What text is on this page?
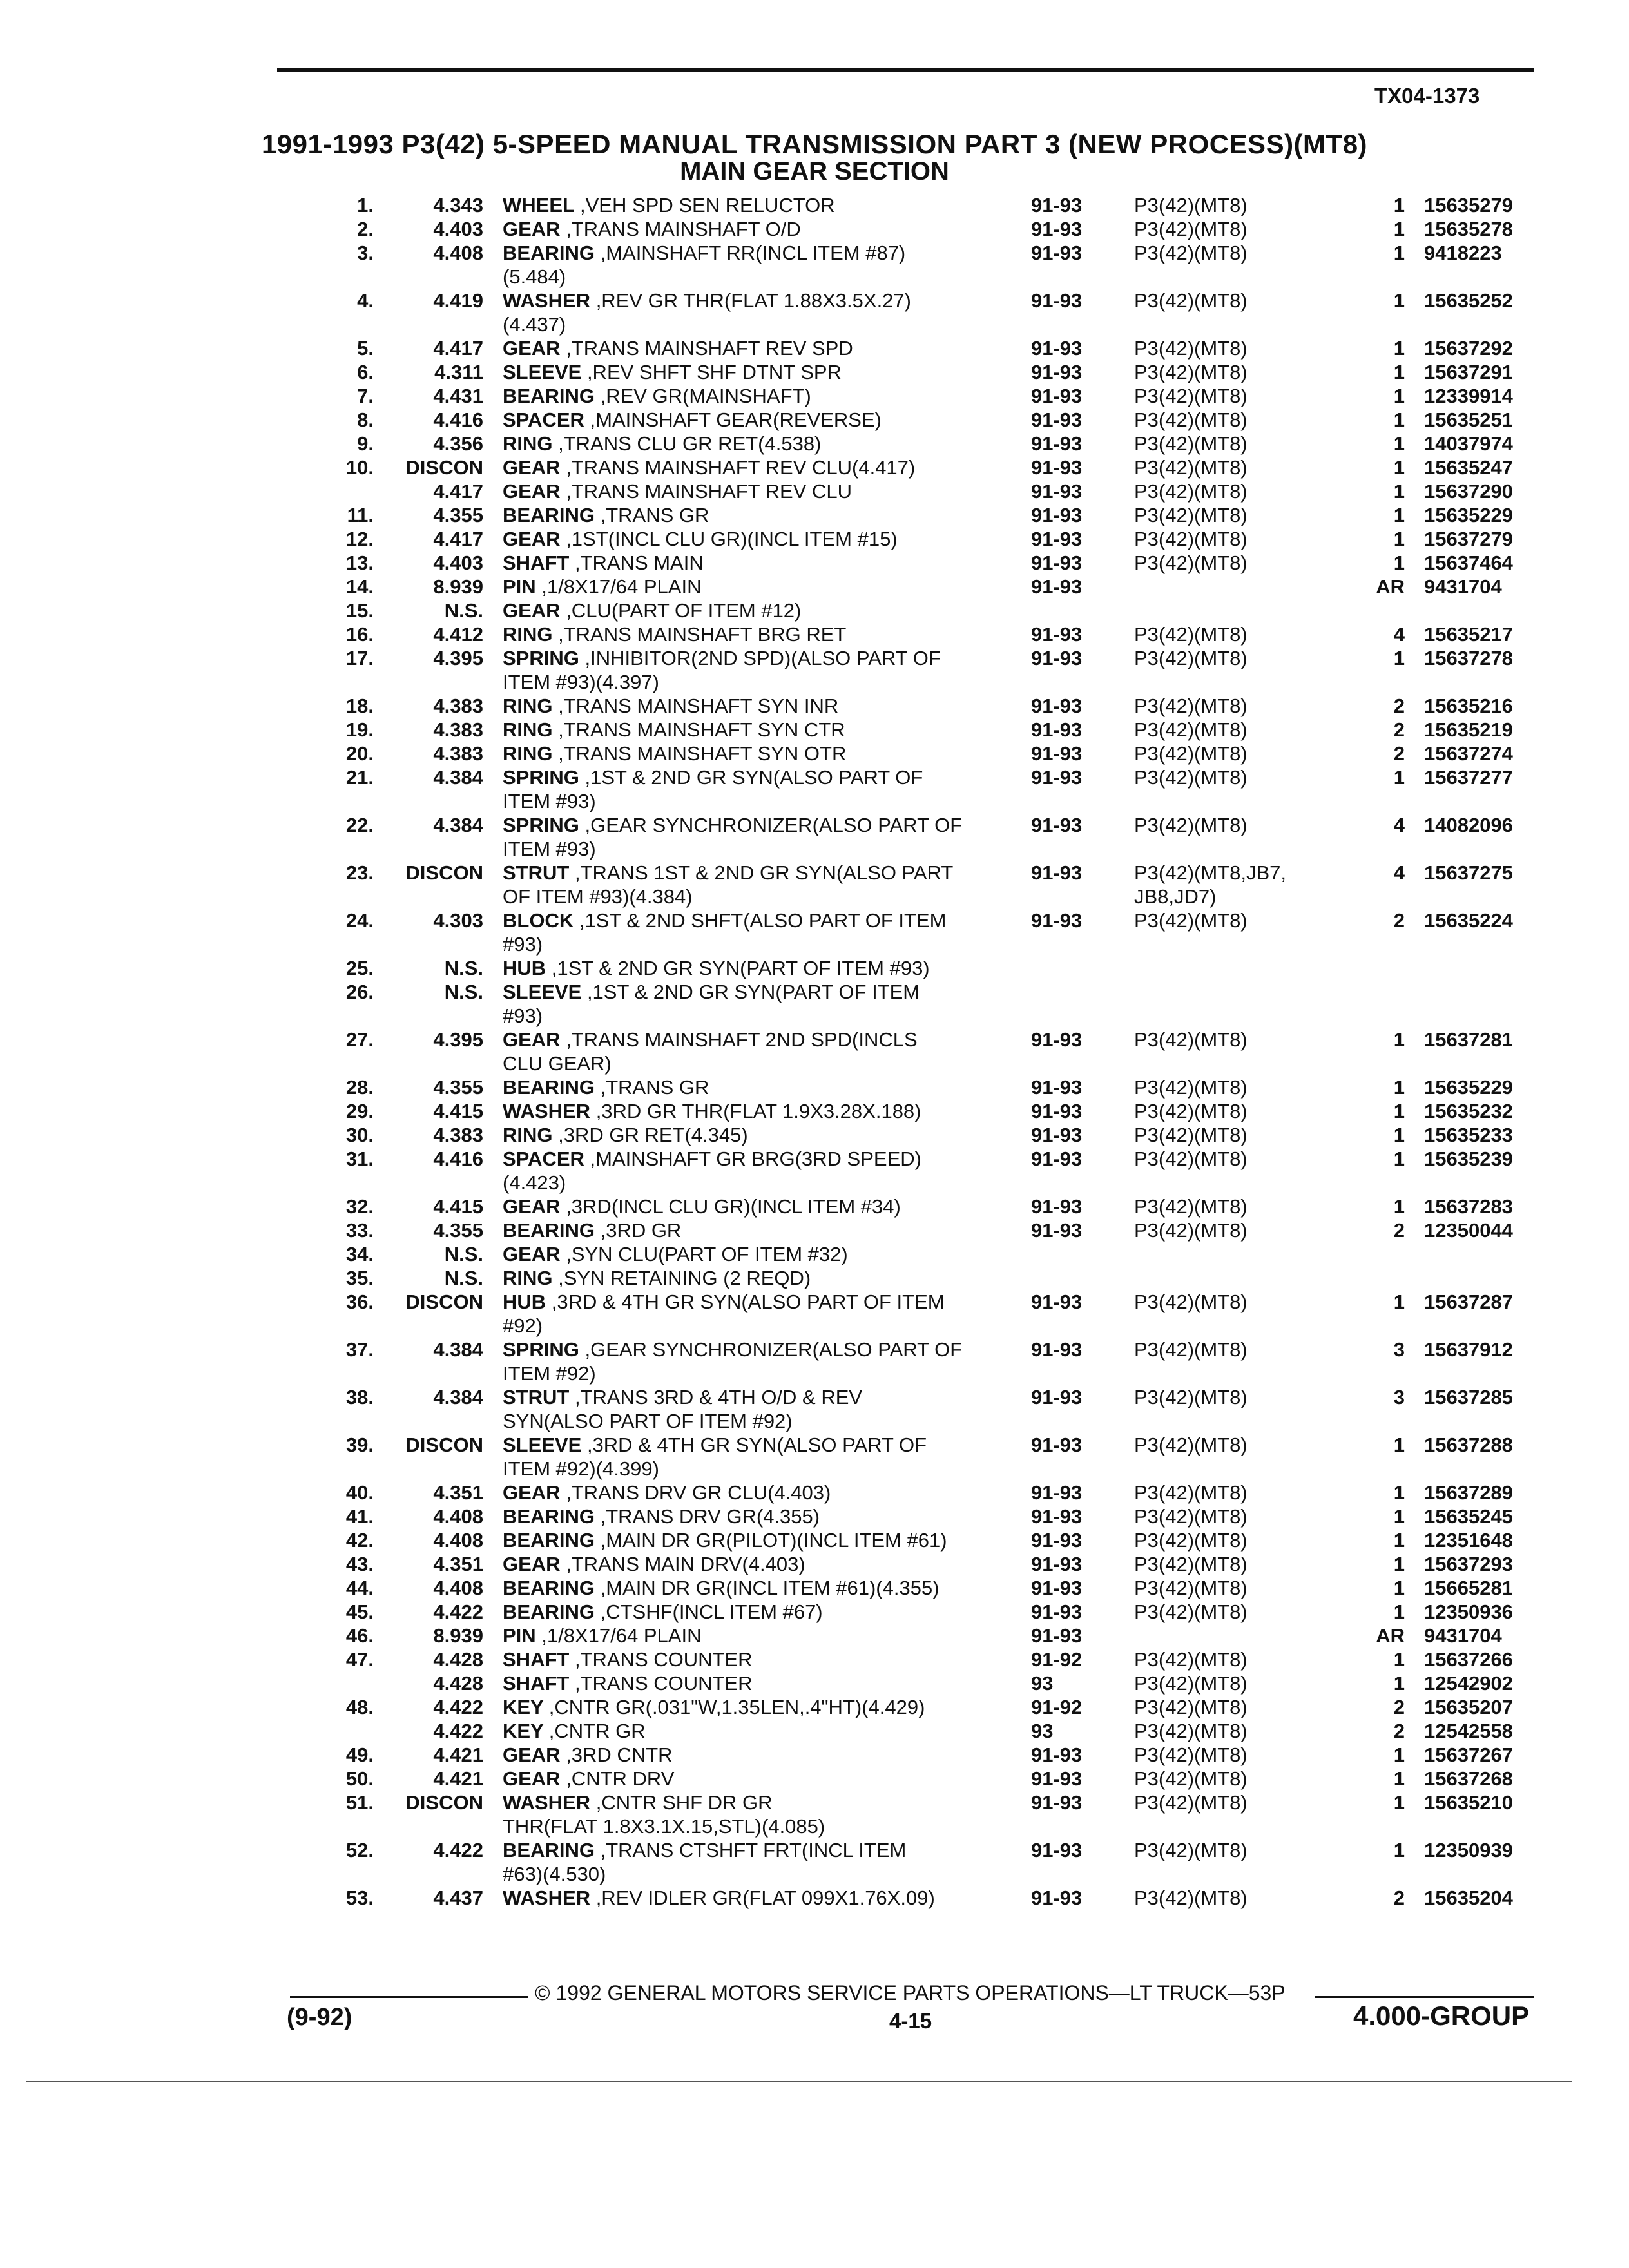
TX04-1373
1991-1993 P3(42) 5-SPEED MANUAL TRANSMISSION PART 3 (NEW PROCESS)(MT8)
MAIN GEAR SECTION
1.	4.343 WHEEL ,VEH SPD SEN RELUCTOR	91-93	P3(42)(MT8)	1 15635279
2.	4.403 GEAR ,TRANS MAINSHAFT O/D	91-93	P3(42)(MT8)	1 15635278
3.	4.408 BEARING ,MAINSHAFT RR(INCL ITEM #87)	91-93	P3(42)(MT8)	1 9418223
(5.484)
4.	4.419 WASHER ,REV GR THR(FLAT 1.88X3.5X.27)	91-93	P3(42)(MT8)	1 15635252
(4.437)
5.	4.417 GEAR ,TRANS MAINSHAFT REV SPD	91-93	P3(42)(MT8)	1 15637292
6.	4.311 SLEEVE ,REV SHFT SHF DTNT SPR	91-93	P3(42)(MT8)	1 15637291
7.	4.431 BEARING ,REV GR(MAINSHAFT)	91-93	P3(42)(MT8)	1 12339914
8.	4.416 SPACER ,MAINSHAFT GEAR(REVERSE)	91-93	P3(42)(MT8)	1 15635251
9.	4.356 RING ,TRANS CLU GR RET(4.538)	91-93	P3(42)(MT8)	1 14037974
10.	DISCON GEAR ,TRANS MAINSHAFT REV CLU(4.417)	91-93	P3(42)(MT8)	1 15635247
4.417 GEAR ,TRANS MAINSHAFT REV CLU	91-93	P3(42)(MT8)	1 15637290
11.	4.355 BEARING ,TRANS GR	91-93	P3(42)(MT8)	1 15635229
12.	4.417 GEAR ,1ST(INCL CLU GR)(INCL ITEM #15)	91-93	P3(42)(MT8)	1 15637279
13.	4.403 SHAFT ,TRANS MAIN	91-93	P3(42)(MT8)	1 15637464
14.	8.939 PIN ,1/8X17/64 PLAIN	91-93	AR 9431704
15.	N.S. GEAR ,CLU(PART OF ITEM #12)
16.	4.412 RING ,TRANS MAINSHAFT BRG RET	91-93	P3(42)(MT8)	4 15635217
17.	4.395 SPRING ,INHIBITOR(2ND SPD)(ALSO PART OF	91-93	P3(42)(MT8)	1 15637278
ITEM #93)(4.397)
18.	4.383 RING ,TRANS MAINSHAFT SYN INR	91-93	P3(42)(MT8)	2 15635216
19.	4.383 RING ,TRANS MAINSHAFT SYN CTR	91-93	P3(42)(MT8)	2 15635219
20.	4.383 RING ,TRANS MAINSHAFT SYN OTR	91-93	P3(42)(MT8)	2 15637274
21.	4.384 SPRING ,1ST & 2ND GR SYN(ALSO PART OF	91-93	P3(42)(MT8)	1 15637277
ITEM #93)
22.	4.384 SPRING ,GEAR SYNCHRONIZER(ALSO PART OF	91-93	P3(42)(MT8)	4 14082096
ITEM #93)
23.	DISCON STRUT ,TRANS 1ST & 2ND GR SYN(ALSO PART	91-93	P3(42)(MT8,JB7,	4 15637275
OF ITEM #93)(4.384)	JB8,JD7)
24.	4.303 BLOCK ,1ST & 2ND SHFT(ALSO PART OF ITEM	91-93	P3(42)(MT8)	2 15635224
#93)
25.	N.S. HUB ,1ST & 2ND GR SYN(PART OF ITEM #93)
26.	N.S. SLEEVE ,1ST & 2ND GR SYN(PART OF ITEM
#93)
27.	4.395 GEAR ,TRANS MAINSHAFT 2ND SPD(INCLS	91-93	P3(42)(MT8)	1 15637281
CLU GEAR)
28.	4.355 BEARING ,TRANS GR	91-93	P3(42)(MT8)	1 15635229
29.	4.415 WASHER ,3RD GR THR(FLAT 1.9X3.28X.188)	91-93	P3(42)(MT8)	1 15635232
30.	4.383 RING ,3RD GR RET(4.345)	91-93	P3(42)(MT8)	1 15635233
31.	4.416 SPACER ,MAINSHAFT GR BRG(3RD SPEED)	91-93	P3(42)(MT8)	1 15635239
(4.423)
32.	4.415 GEAR ,3RD(INCL CLU GR)(INCL ITEM #34)	91-93	P3(42)(MT8)	1 15637283
33.	4.355 BEARING ,3RD GR	91-93	P3(42)(MT8)	2 12350044
34.	N.S. GEAR ,SYN CLU(PART OF ITEM #32)
35.	N.S. RING ,SYN RETAINING (2 REQD)
36.	DISCON HUB ,3RD & 4TH GR SYN(ALSO PART OF ITEM	91-93	P3(42)(MT8)	1 15637287
#92)
37.	4.384 SPRING ,GEAR SYNCHRONIZER(ALSO PART OF	91-93	P3(42)(MT8)	3 15637912
ITEM #92)
38.	4.384 STRUT ,TRANS 3RD & 4TH O/D & REV	91-93	P3(42)(MT8)	3 15637285
SYN(ALSO PART OF ITEM #92)
39.	DISCON SLEEVE ,3RD & 4TH GR SYN(ALSO PART OF	91-93	P3(42)(MT8)	1 15637288
ITEM #92)(4.399)
40.	4.351 GEAR ,TRANS DRV GR CLU(4.403)	91-93	P3(42)(MT8)	1 15637289
41.	4.408 BEARING ,TRANS DRV GR(4.355)	91-93	P3(42)(MT8)	1 15635245
42.	4.408 BEARING ,MAIN DR GR(PILOT)(INCL ITEM #61)	91-93	P3(42)(MT8)	1 12351648
43.	4.351 GEAR ,TRANS MAIN DRV(4.403)	91-93	P3(42)(MT8)	1 15637293
44.	4.408 BEARING ,MAIN DR GR(INCL ITEM #61)(4.355)	91-93	P3(42)(MT8)	1 15665281
45.	4.422 BEARING ,CTSHF(INCL ITEM #67)	91-93	P3(42)(MT8)	1 12350936
46.	8.939 PIN ,1/8X17/64 PLAIN	91-93	AR 9431704
47.	4.428 SHAFT ,TRANS COUNTER	91-92	P3(42)(MT8)	1 15637266
4.428 SHAFT ,TRANS COUNTER	93	P3(42)(MT8)	1 12542902
48.	4.422 KEY ,CNTR GR(.031"W,1.35LEN,.4"HT)(4.429)	91-92	P3(42)(MT8)	2 15635207
4.422 KEY ,CNTR GR	93	P3(42)(MT8)	2 12542558
49.	4.421 GEAR ,3RD CNTR	91-93	P3(42)(MT8)	1 15637267
50.	4.421 GEAR ,CNTR DRV	91-93	P3(42)(MT8)	1 15637268
51.	DISCON WASHER ,CNTR SHF DR GR	91-93	P3(42)(MT8)	1 15635210
THR(FLAT 1.8X3.1X.15,STL)(4.085)
52.	4.422 BEARING ,TRANS CTSHFT FRT(INCL ITEM	91-93	P3(42)(MT8)	1 12350939
#63)(4.530)
53.	4.437 WASHER ,REV IDLER GR(FLAT 099X1.76X.09)	91-93	P3(42)(MT8)	2 15635204
© 1992 GENERAL MOTORS SERVICE PARTS OPERATIONS—LT TRUCK—53P
(9-92)	4-15	4.000-GROUP
